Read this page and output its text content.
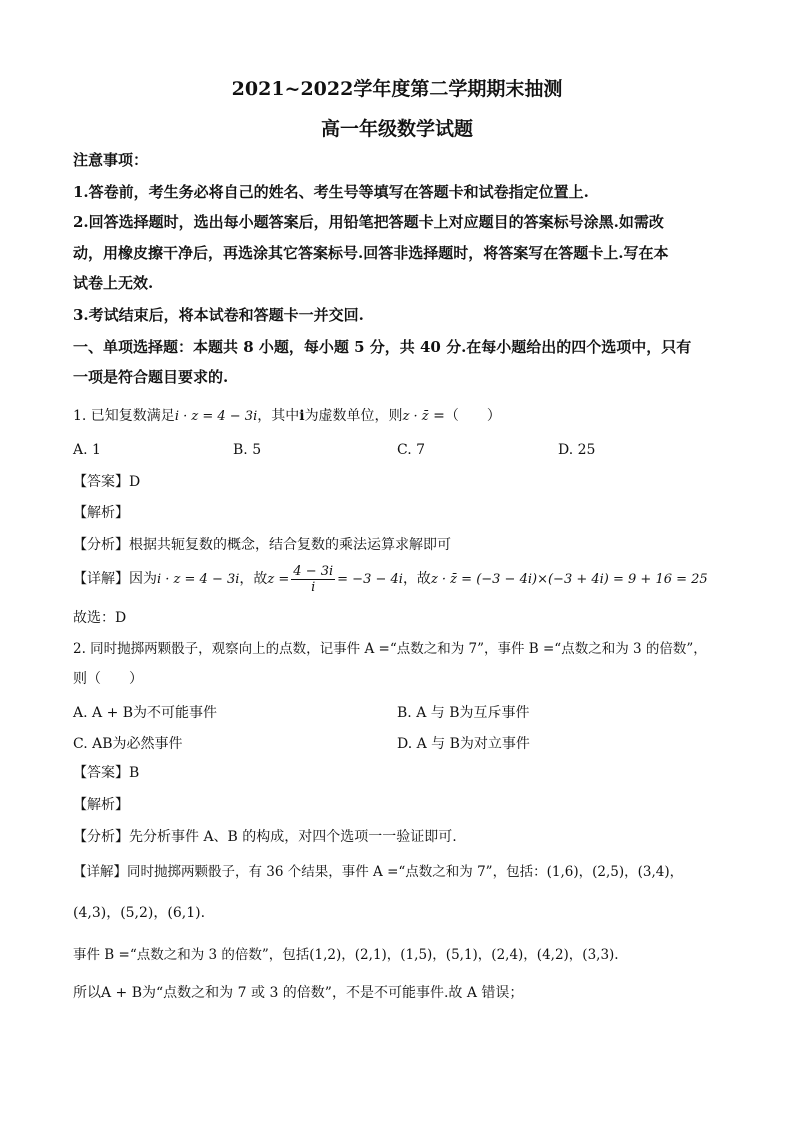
2021~2022学年度第二学期期末抽测
高一年级数学试题
注意事项：
1.答卷前，考生务必将自己的姓名、考生号等填写在答题卡和试卷指定位置上.
2.回答选择题时，选出每小题答案后，用铅笔把答题卡上对应题目的答案标号涂黑.如需改
动，用橡皮擦干净后，再选涂其它答案标号.回答非选择题时，将答案写在答题卡上.写在本
试卷上无效.
3.考试结束后，将本试卷和答题卡一并交回.
一、单项选择题：本题共 8 小题，每小题 5 分，共 40 分.在每小题给出的四个选项中，只有
一项是符合题目要求的.
1. 已知复数满足i · z = 4 − 3i，其中i为虚数单位，则z · z̄ =（　　）
A. 1	B. 5	C. 7	D. 25
【答案】D
【解析】
【分析】根据共轭复数的概念，结合复数的乘法运算求解即可
【详解】因为i · z = 4 − 3i，故$z = \frac{4 - 3i}{i} = -3 - 4i$，故z · z̄ = (−3 − 4i)×(−3 + 4i) = 9 + 16 = 25
故选：D
2. 同时抛掷两颗骰子，观察向上的点数，记事件 A =“点数之和为 7”，事件 B =“点数之和为 3 的倍数”，
则（　　）
A. A + B为不可能事件	B. A 与 B为互斥事件
C. AB为必然事件	D. A 与 B为对立事件
【答案】B
【解析】
【分析】先分析事件 A、B 的构成，对四个选项一一验证即可.
【详解】同时抛掷两颗骰子，有 36 个结果，事件 A =“点数之和为 7”，包括：(1,6)，(2,5)，(3,4)，
(4,3)，(5,2)，(6,1).
事件 B =“点数之和为 3 的倍数”，包括(1,2)，(2,1)，(1,5)，(5,1)，(2,4)，(4,2)，(3,3).
所以A + B为“点数之和为 7 或 3 的倍数”，不是不可能事件.故 A 错误；
